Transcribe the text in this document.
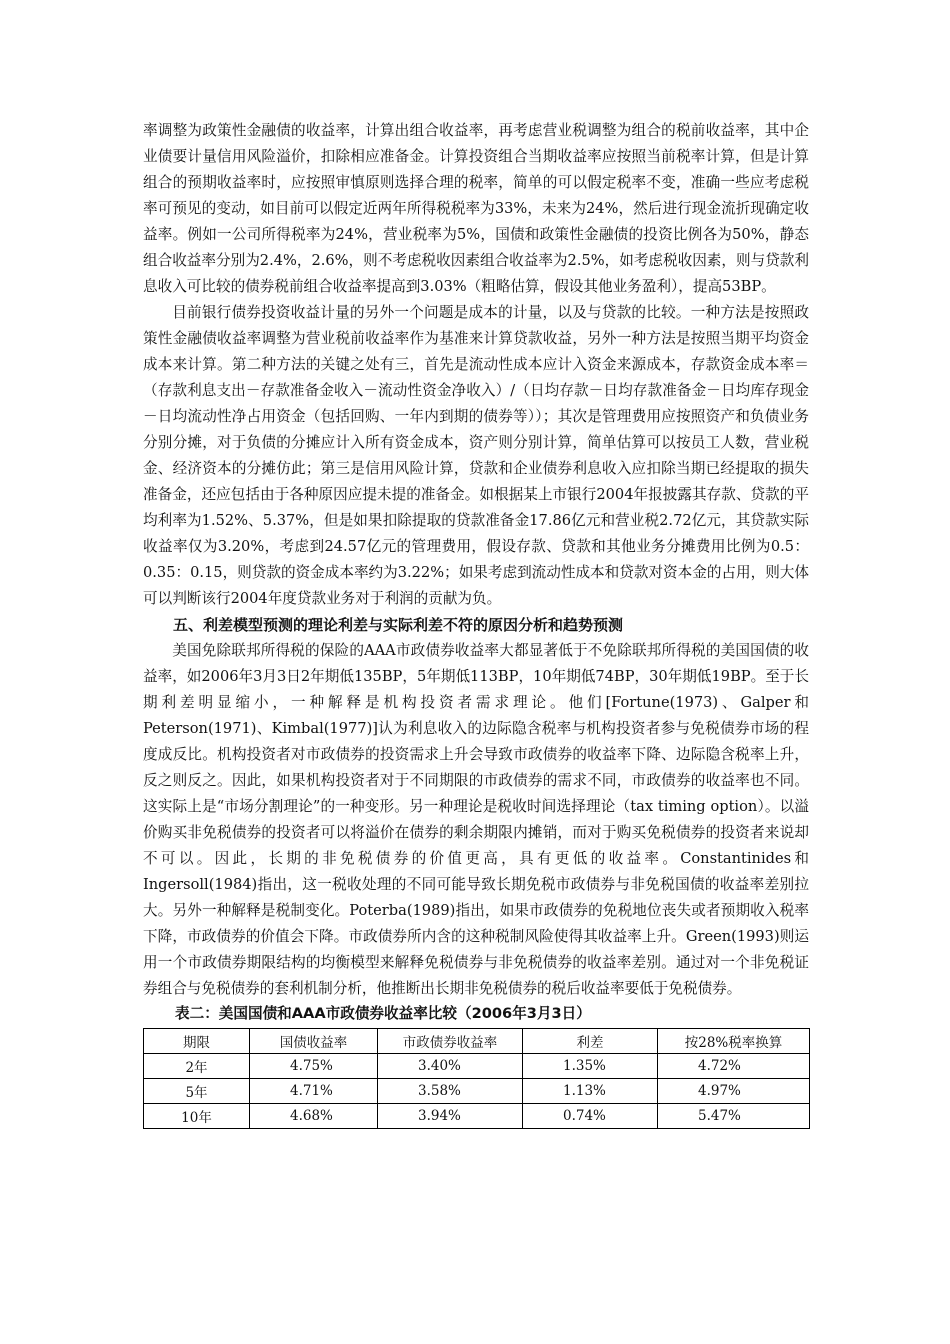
率调整为政策性金融债的收益率，计算出组合收益率，再考虑营业税调整为组合的税前收益率，其中企业债要计量信用风险溢价，扣除相应准备金。计算投资组合当期收益率应按照当前税率计算，但是计算组合的预期收益率时，应按照审慎原则选择合理的税率，简单的可以假定税率不变，准确一些应考虑税率可预见的变动，如目前可以假定近两年所得税税率为33%，未来为24%，然后进行现金流折现确定收益率。例如一公司所得税率为24%，营业税率为5%，国债和政策性金融债的投资比例各为50%，静态组合收益率分别为2.4%，2.6%，则不考虑税收因素组合收益率为2.5%，如考虑税收因素，则与贷款利息收入可比较的债券税前组合收益率提高到3.03%（粗略估算，假设其他业务盈利），提高53BP。

目前银行债券投资收益计量的另外一个问题是成本的计量，以及与贷款的比较。一种方法是按照政策性金融债收益率调整为营业税前收益率作为基准来计算贷款收益，另外一种方法是按照当期平均资金成本来计算。第二种方法的关键之处有三，首先是流动性成本应计入资金来源成本，存款资金成本率＝（存款利息支出－存款准备金收入－流动性资金净收入）/（日均存款－日均存款准备金－日均库存现金－日均流动性净占用资金（包括回购、一年内到期的债券等））；其次是管理费用应按照资产和负债业务分别分摊，对于负债的分摊应计入所有资金成本，资产则分别计算，简单估算可以按员工人数，营业税金、经济资本的分摊仿此；第三是信用风险计算，贷款和企业债券利息收入应扣除当期已经提取的损失准备金，还应包括由于各种原因应提未提的准备金。如根据某上市银行2004年报披露其存款、贷款的平均利率为1.52%、5.37%，但是如果扣除提取的贷款准备金17.86亿元和营业税2.72亿元，其贷款实际收益率仅为3.20%，考虑到24.57亿元的管理费用，假设存款、贷款和其他业务分摊费用比例为0.5：0.35：0.15，则贷款的资金成本率约为3.22%；如果考虑到流动性成本和贷款对资本金的占用，则大体可以判断该行2004年度贷款业务对于利润的贡献为负。

五、利差模型预测的理论利差与实际利差不符的原因分析和趋势预测

美国免除联邦所得税的保险的AAA市政债券收益率大都显著低于不免除联邦所得税的美国国债的收益率，如2006年3月3日2年期低135BP，5年期低113BP，10年期低74BP，30年期低19BP。至于长期利差明显缩小，一种解释是机构投资者需求理论。他们[Fortune(1973)、Galper和Peterson(1971)、Kimbal(1977)]认为利息收入的边际隐含税率与机构投资者参与免税债券市场的程度成反比。机构投资者对市政债券的投资需求上升会导致市政债券的收益率下降、边际隐含税率上升，反之则反之。因此，如果机构投资者对于不同期限的市政债券的需求不同，市政债券的收益率也不同。这实际上是“市场分割理论”的一种变形。另一种理论是税收时间选择理论（tax timing option）。以溢价购买非免税债券的投资者可以将溢价在债券的剩余期限内摊销，而对于购买免税债券的投资者来说却不可以。因此，长期的非免税债券的价值更高，具有更低的收益率。Constantinides和Ingersoll(1984)指出，这一税收处理的不同可能导致长期免税市政债券与非免税国债的收益率差别拉大。另外一种解释是税制变化。Poterba(1989)指出，如果市政债券的免税地位丧失或者预期收入税率下降，市政债券的价值会下降。市政债券所内含的这种税制风险使得其收益率上升。Green(1993)则运用一个市政债券期限结构的均衡模型来解释免税债券与非免税债券的收益率差别。通过对一个非免税证券组合与免税债券的套利机制分析，他推断出长期非免税债券的税后收益率要低于免税债券。

表二：美国国债和AAA市政债券收益率比较（2006年3月3日）

期限	国债收益率	市政债券收益率	利差	按28%税率换算
2年	4.75%	3.40%	1.35%	4.72%
5年	4.71%	3.58%	1.13%	4.97%
10年	4.68%	3.94%	0.74%	5.47%
